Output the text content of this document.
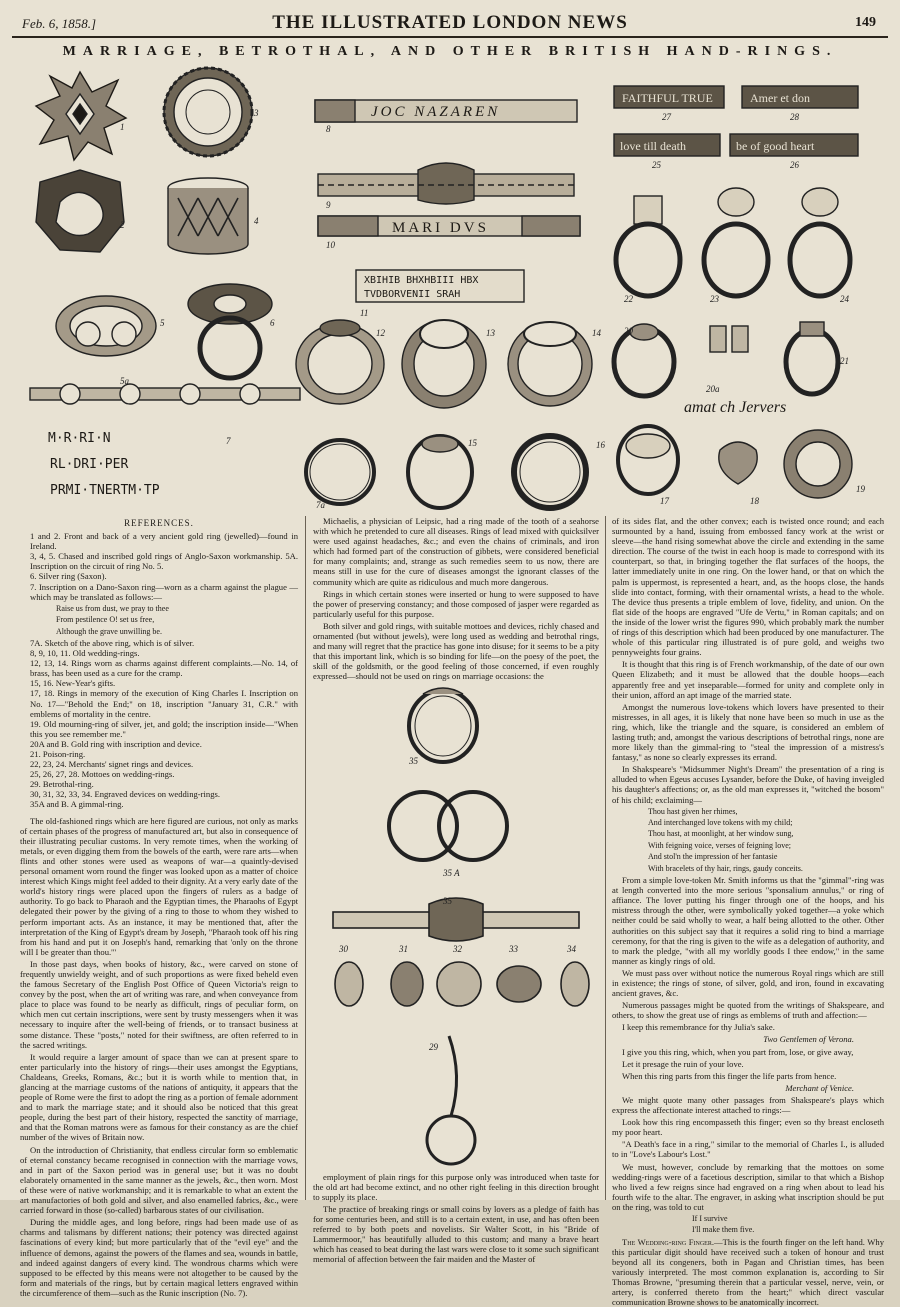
Feb. 6, 1858.]	THE ILLUSTRATED LONDON NEWS	149
MARRIAGE, BETROTHAL, AND OTHER BRITISH HAND-RINGS.
M·R·RI·N
RL·DRI·PER
PRMI·TNERTM·TP
JOC NAZAREN
MARI DVS
XBIHIB BHXHBIII HBX
TVDBORVENII SRAH
FAITHFUL TRUE	Amer et don
love till death	be of good heart
amat ch Jervers
1
2
3
4
5
5a
6
7
7a
8
9
10
11
12	13	14
15	16
17	18
19
20
20a
21
22	23	24
25	26
27	28
REFERENCES.

1 and 2. Front and back of a very ancient gold ring (jewelled)—found in Ireland.

3, 4, 5. Chased and inscribed gold rings of Anglo-Saxon workmanship. 5A. Inscription on the circuit of ring No. 5.

6. Silver ring (Saxon).

7. Inscription on a Dano-Saxon ring—worn as a charm against the plague —which may be translated as follows:—

Raise us from dust, we pray to thee

From pestilence O! set us free,

Although the grave unwilling be.

7A. Sketch of the above ring, which is of silver.

8, 9, 10, 11. Old wedding-rings.

12, 13, 14. Rings worn as charms against different complaints.—No. 14, of brass, has been used as a cure for the cramp.

15, 16. New-Year's gifts.

17, 18. Rings in memory of the execution of King Charles I. Inscription on No. 17—"Behold the End;" on 18, inscription "January 31, C.R." with emblems of mortality in the centre.

19. Old mourning-ring of silver, jet, and gold; the inscription inside—"When this you see remember me."

20A and B. Gold ring with inscription and device.

21. Poison-ring.

22, 23, 24. Merchants' signet rings and devices.

25, 26, 27, 28. Mottoes on wedding-rings.

29. Betrothal-ring.

30, 31, 32, 33, 34. Engraved devices on wedding-rings.

35A and B. A gimmal-ring.

The old-fashioned rings which are here figured are curious, not only as marks of certain phases of the progress of manufactured art, but also in consequence of their illustrating peculiar customs. In very remote times, when the working of metals, or even digging them from the bowels of the earth, were rare arts—when flints and other stones were used as weapons of war—a quaintly-devised personal ornament worn round the finger was looked upon as a matter of choice interest which Kings might feel added to their dignity. At a very early date of the world's history rings were placed upon the fingers of rulers as a badge of authority. To go back to Pharaoh and the Egyptian times, the Pharaohs of Egypt delegated their power by the giving of a ring to those to whom they wished to perform important acts. As an instance, it may be mentioned that, after the interpretation of the King of Egypt's dream by Joseph, "Pharaoh took off his ring from his hand and put it on Joseph's hand, remarking that 'only on the throne will I be greater than thou.'"

In those past days, when books of history, &c., were carved on stone of frequently unwieldy weight, and of such proportions as were fixed beheld even the famous Secretary of the English Post Office of Queen Victoria's reign to convey by the post, when the art of writing was rare, and when conveyance from place to place was found to be nearly as difficult, rings of peculiar form, on which men cut certain inscriptions, were sent by trusty messengers when it was necessary to inquire after the well-being of friends, or to transact business at some distance. These "posts," noted for their swiftness, are often referred to in the sacred writings.

It would require a larger amount of space than we can at present spare to enter particularly into the history of rings—their uses amongst the Egyptians, Chaldeans, Greeks, Romans, &c.; but it is worth while to mention that, in glancing at the marriage customs of the nations of antiquity, it appears that the people of Rome were the first to adopt the ring as a portion of female adornment and to mark the marriage state; and it should also be noticed that this great people, during the best part of their history, respected the sanctity of marriage, and that the Roman matrons were as famous for their constancy as are the chief number of the wives of Britain now.

On the introduction of Christianity, that endless circular form so emblematic of eternal constancy became recognised in connection with the marriage vows, and in part of the Saxon period was in general use; but it was no doubt elaborately ornamented in the same manner as the jewels, &c., then worn. Most of these were of native workmanship; and it is remarkable to what an extent the art manufactories of both gold and silver, and also enamelled fabrics, &c., were carried forward in those (so-called) barbarous states of our civilisation.

During the middle ages, and long before, rings had been made use of as charms and talismans by different nations; their potency was directed against fascinations of every kind; but more particularly that of the "evil eye" and the influence of demons, against the powers of the flames and sea, wounds in battle, and indeed against dangers of every kind. The wondrous charms which were supposed to be effected by this means were not altogether to be caused by the form and materials of the rings, but by certain magical letters engraved within the circumference of them—such as the Runic inscription (No. 7).

Michaelis, a physician of Leipsic, had a ring made of the tooth of a seahorse with which he pretended to cure all diseases. Rings of lead mixed with quicksilver were used against headaches, &c.; and even the chains of criminals, and iron which had formed part of the construction of gibbets, were considered beneficial for many complaints; and, strange as such remedies seem to us now, there are means still in use for the cure of diseases amongst the ignorant classes of the community which are quite as ridiculous and much more dangerous.

Rings in which certain stones were inserted or hung to were supposed to have the power of preserving constancy; and those composed of jasper were regarded as particularly useful for this purpose.

Both silver and gold rings, with suitable mottoes and devices, richly chased and ornamented (but without jewels), were long used as wedding and betrothal rings, and many will regret that the practice has gone into disuse; for it seems to be a pity that this important link, which is so binding for life—on the poesy of the poet, the skill of the goldsmith, or the good feeling of those concerned, if even roughly expressed—should not be used on rings on marriage occasions: the

35
35 A
35
30	31	32	33	34
29

employment of plain rings for this purpose only was introduced when taste for the old art had become extinct, and no other right feeling in this direction brought to supply its place.

The practice of breaking rings or small coins by lovers as a pledge of faith has for some centuries been, and still is to a certain extent, in use, and has often been referred to by both poets and novelists. Sir Walter Scott, in his "Bride of Lammermoor," has beautifully alluded to this custom; and many a brave heart which has ceased to beat during the last wars were close to it some such significant memorial of affection between the fair maiden and the Master of

of its sides flat, and the other convex; each is twisted once round; and each surmounted by a hand, issuing from embossed fancy work at the wrist or sleeve—the hand rising somewhat above the circle and extending in the same direction. The course of the twist in each hoop is made to correspond with its counterpart, so that, in bringing together the flat surfaces of the hoops, the latter immediately unite in one ring. On the lower hand, or that on which the palm is uppermost, is represented a heart, and, as the hoops close, the hands slide into contact, forming, with their ornamental wrists, a head to the whole. The device thus presents a triple emblem of love, fidelity, and union. On the flat side of the hoops are engraved "Ufe de Vertu," in Roman capitals; and on the inside of the lower wrist the figures 990, which probably mark the number of rings of this description which had been produced by one manufacturer. The whole of this particular ring illustrated is of pure gold, and weighs two pennyweights four grains.

It is thought that this ring is of French workmanship, of the date of our own Queen Elizabeth; and it must be allowed that the double hoops—each apparently free and yet inseparable—formed for unity and complete only in their union, afford an apt image of the married state.

Amongst the numerous love-tokens which lovers have presented to their mistresses, in all ages, it is likely that none have been so much in use as the ring, which, like the triangle and the square, is considered an emblem of lasting truth; and, amongst the various descriptions of betrothal rings, none are more likely than the gimmal-ring to "steal the impression of a mistress's fantasy," as none so clearly expresses its errand.

In Shakspeare's "Midsummer Night's Dream" the presentation of a ring is alluded to when Egeus accuses Lysander, before the Duke, of having inveigled his daughter's affections; or, as the old man expresses it, "witched the bosom" of his child; exclaiming—

Thou hast given her rhimes,

And interchanged love tokens with my child;

Thou hast, at moonlight, at her window sung,

With feigning voice, verses of feigning love;

And stol'n the impression of her fantasie

With bracelets of thy hair, rings, gaudy conceits.

From a simple love-token Mr. Smith informs us that the "gimmal"-ring was at length converted into the more serious "sponsalium annulus," or ring of affiance. The lover putting his finger through one of the hoops, and his mistress through the other, were symbolically yoked together—a yoke which neither could be said wholly to wear, a half being allotted to the other. Other authorities on this subject say that it requires a solid ring to bind a marriage ceremony, for that the ring is given to the wife as a delegation of authority, and to mark the pledge, "with all my worldly goods I thee endow," in the same manner as kingly rings of old.

We must pass over without notice the numerous Royal rings which are still in existence; the rings of stone, of silver, gold, and iron, found in excavating ancient graves, &c.

Numerous passages might be quoted from the writings of Shakspeare, and others, to show the great use of rings as emblems of truth and affection:—

I keep this remembrance for thy Julia's sake.

Two Gentlemen of Verona.

I give you this ring, which, when you part from, lose, or give away,

Let it presage the ruin of your love.

When this ring parts from this finger the life parts from hence.

Merchant of Venice.

We might quote many other passages from Shakspeare's plays which express the affectionate interest attached to rings:—

Look how this ring encompasseth this finger; even so thy breast encloseth my poor heart.

"A Death's face in a ring," similar to the memorial of Charles I., is alluded to in "Love's Labour's Lost."

We must, however, conclude by remarking that the mottoes on some wedding-rings were of a facetious description, similar to that which a Bishop who lived a few reigns since had engraved on a ring when about to lead his fourth wife to the altar. The engraver, in asking what inscription should be put on the ring, was told to cut

If I survive

I'll make them five.

The Wedding-ring Finger.—This is the fourth finger on the left hand. Why this particular digit should have received such a token of honour and trust beyond all its congeners, both in Pagan and Christian times, has been variously interpreted. The most common explanation is, according to Sir Thomas Browne, "presuming therein that a particular vessel, nerve, vein, or artery, is conferred thereto from the heart;" which direct vascular communication Browne shows to be anatomically incorrect.
